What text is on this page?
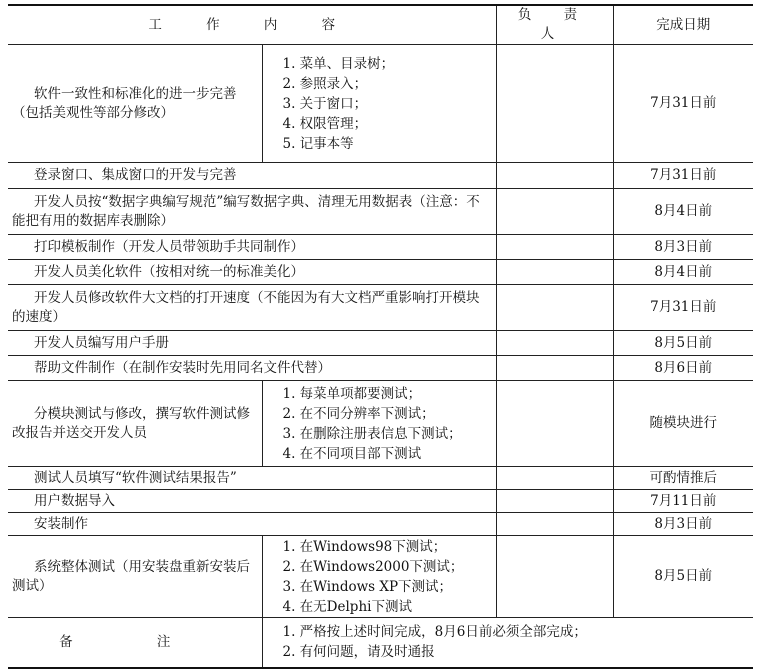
工 作 内 容		负 责 人	完成日期
软件一致性和标准化的进一步完善（包括美观性等部分修改）	1. 菜单、目录树；
2. 参照录入；
3. 关于窗口；
4. 权限管理；
5. 记事本等		7月31日前
登录窗口、集成窗口的开发与完善			7月31日前
开发人员按“数据字典编写规范”编写数据字典、清理无用数据表（注意：不能把有用的数据库表删除）			8月4日前
打印模板制作（开发人员带领助手共同制作）			8月3日前
开发人员美化软件（按相对统一的标准美化）			8月4日前
开发人员修改软件大文档的打开速度（不能因为有大文档严重影响打开模块的速度）			7月31日前
开发人员编写用户手册			8月5日前
帮助文件制作（在制作安装时先用同名文件代替）			8月6日前
分模块测试与修改，撰写软件测试修改报告并送交开发人员	1. 每菜单项都要测试；
2. 在不同分辨率下测试；
3. 在删除注册表信息下测试；
4. 在不同项目部下测试		随模块进行
测试人员填写“软件测试结果报告”			可酌情推后
用户数据导入			7月11日前
安装制作			8月3日前
系统整体测试（用安装盘重新安装后测试）	1. 在Windows98下测试；
2. 在Windows2000下测试；
3. 在Windows XP下测试；
4. 在无Delphi下测试		8月5日前
备 注	1. 严格按上述时间完成，8月6日前必须全部完成；
2. 有何问题，请及时通报		
